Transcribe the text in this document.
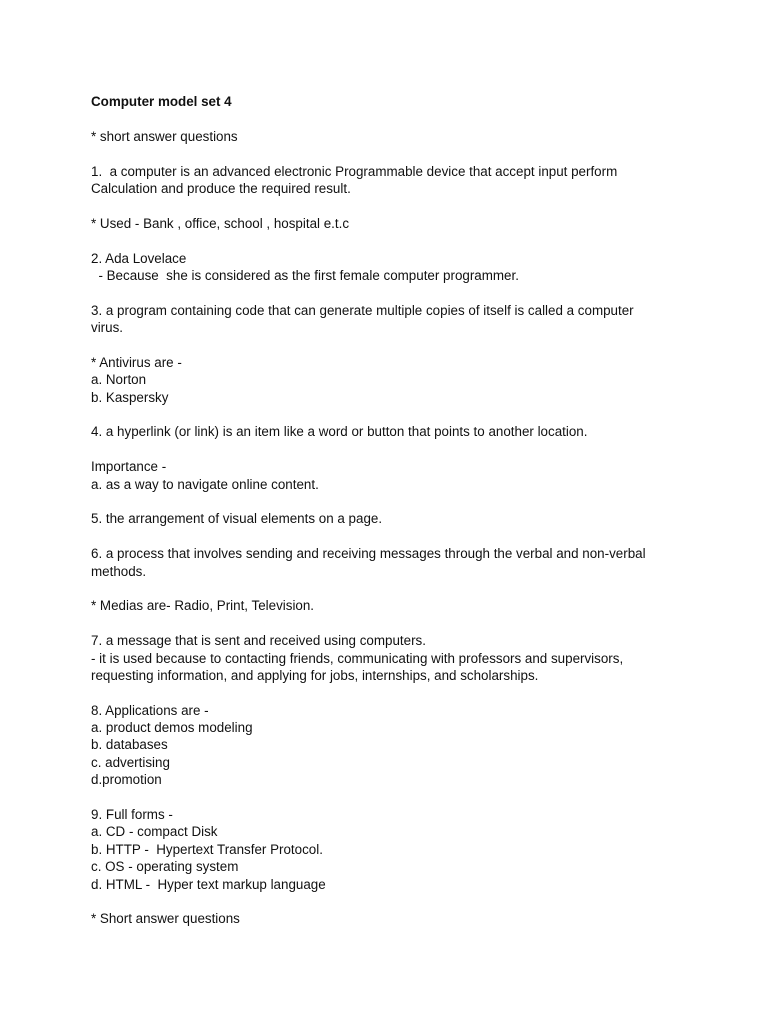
Computer model set 4
* short answer questions
1.  a computer is an advanced electronic Programmable device that accept input perform
Calculation and produce the required result.
* Used - Bank , office, school , hospital e.t.c
2. Ada Lovelace
- Because  she is considered as the first female computer programmer.
3. a program containing code that can generate multiple copies of itself is called a computer
virus.
* Antivirus are -
a. Norton
b. Kaspersky
4. a hyperlink (or link) is an item like a word or button that points to another location.
Importance -
a. as a way to navigate online content.
5. the arrangement of visual elements on a page.
6. a process that involves sending and receiving messages through the verbal and non-verbal
methods.
* Medias are- Radio, Print, Television.
7. a message that is sent and received using computers.
- it is used because to contacting friends, communicating with professors and supervisors,
requesting information, and applying for jobs, internships, and scholarships.
8. Applications are -
a. product demos modeling
b. databases
c. advertising
d.promotion
9. Full forms -
a. CD - compact Disk
b. HTTP -  Hypertext Transfer Protocol.
c. OS - operating system
d. HTML -  Hyper text markup language
* Short answer questions
